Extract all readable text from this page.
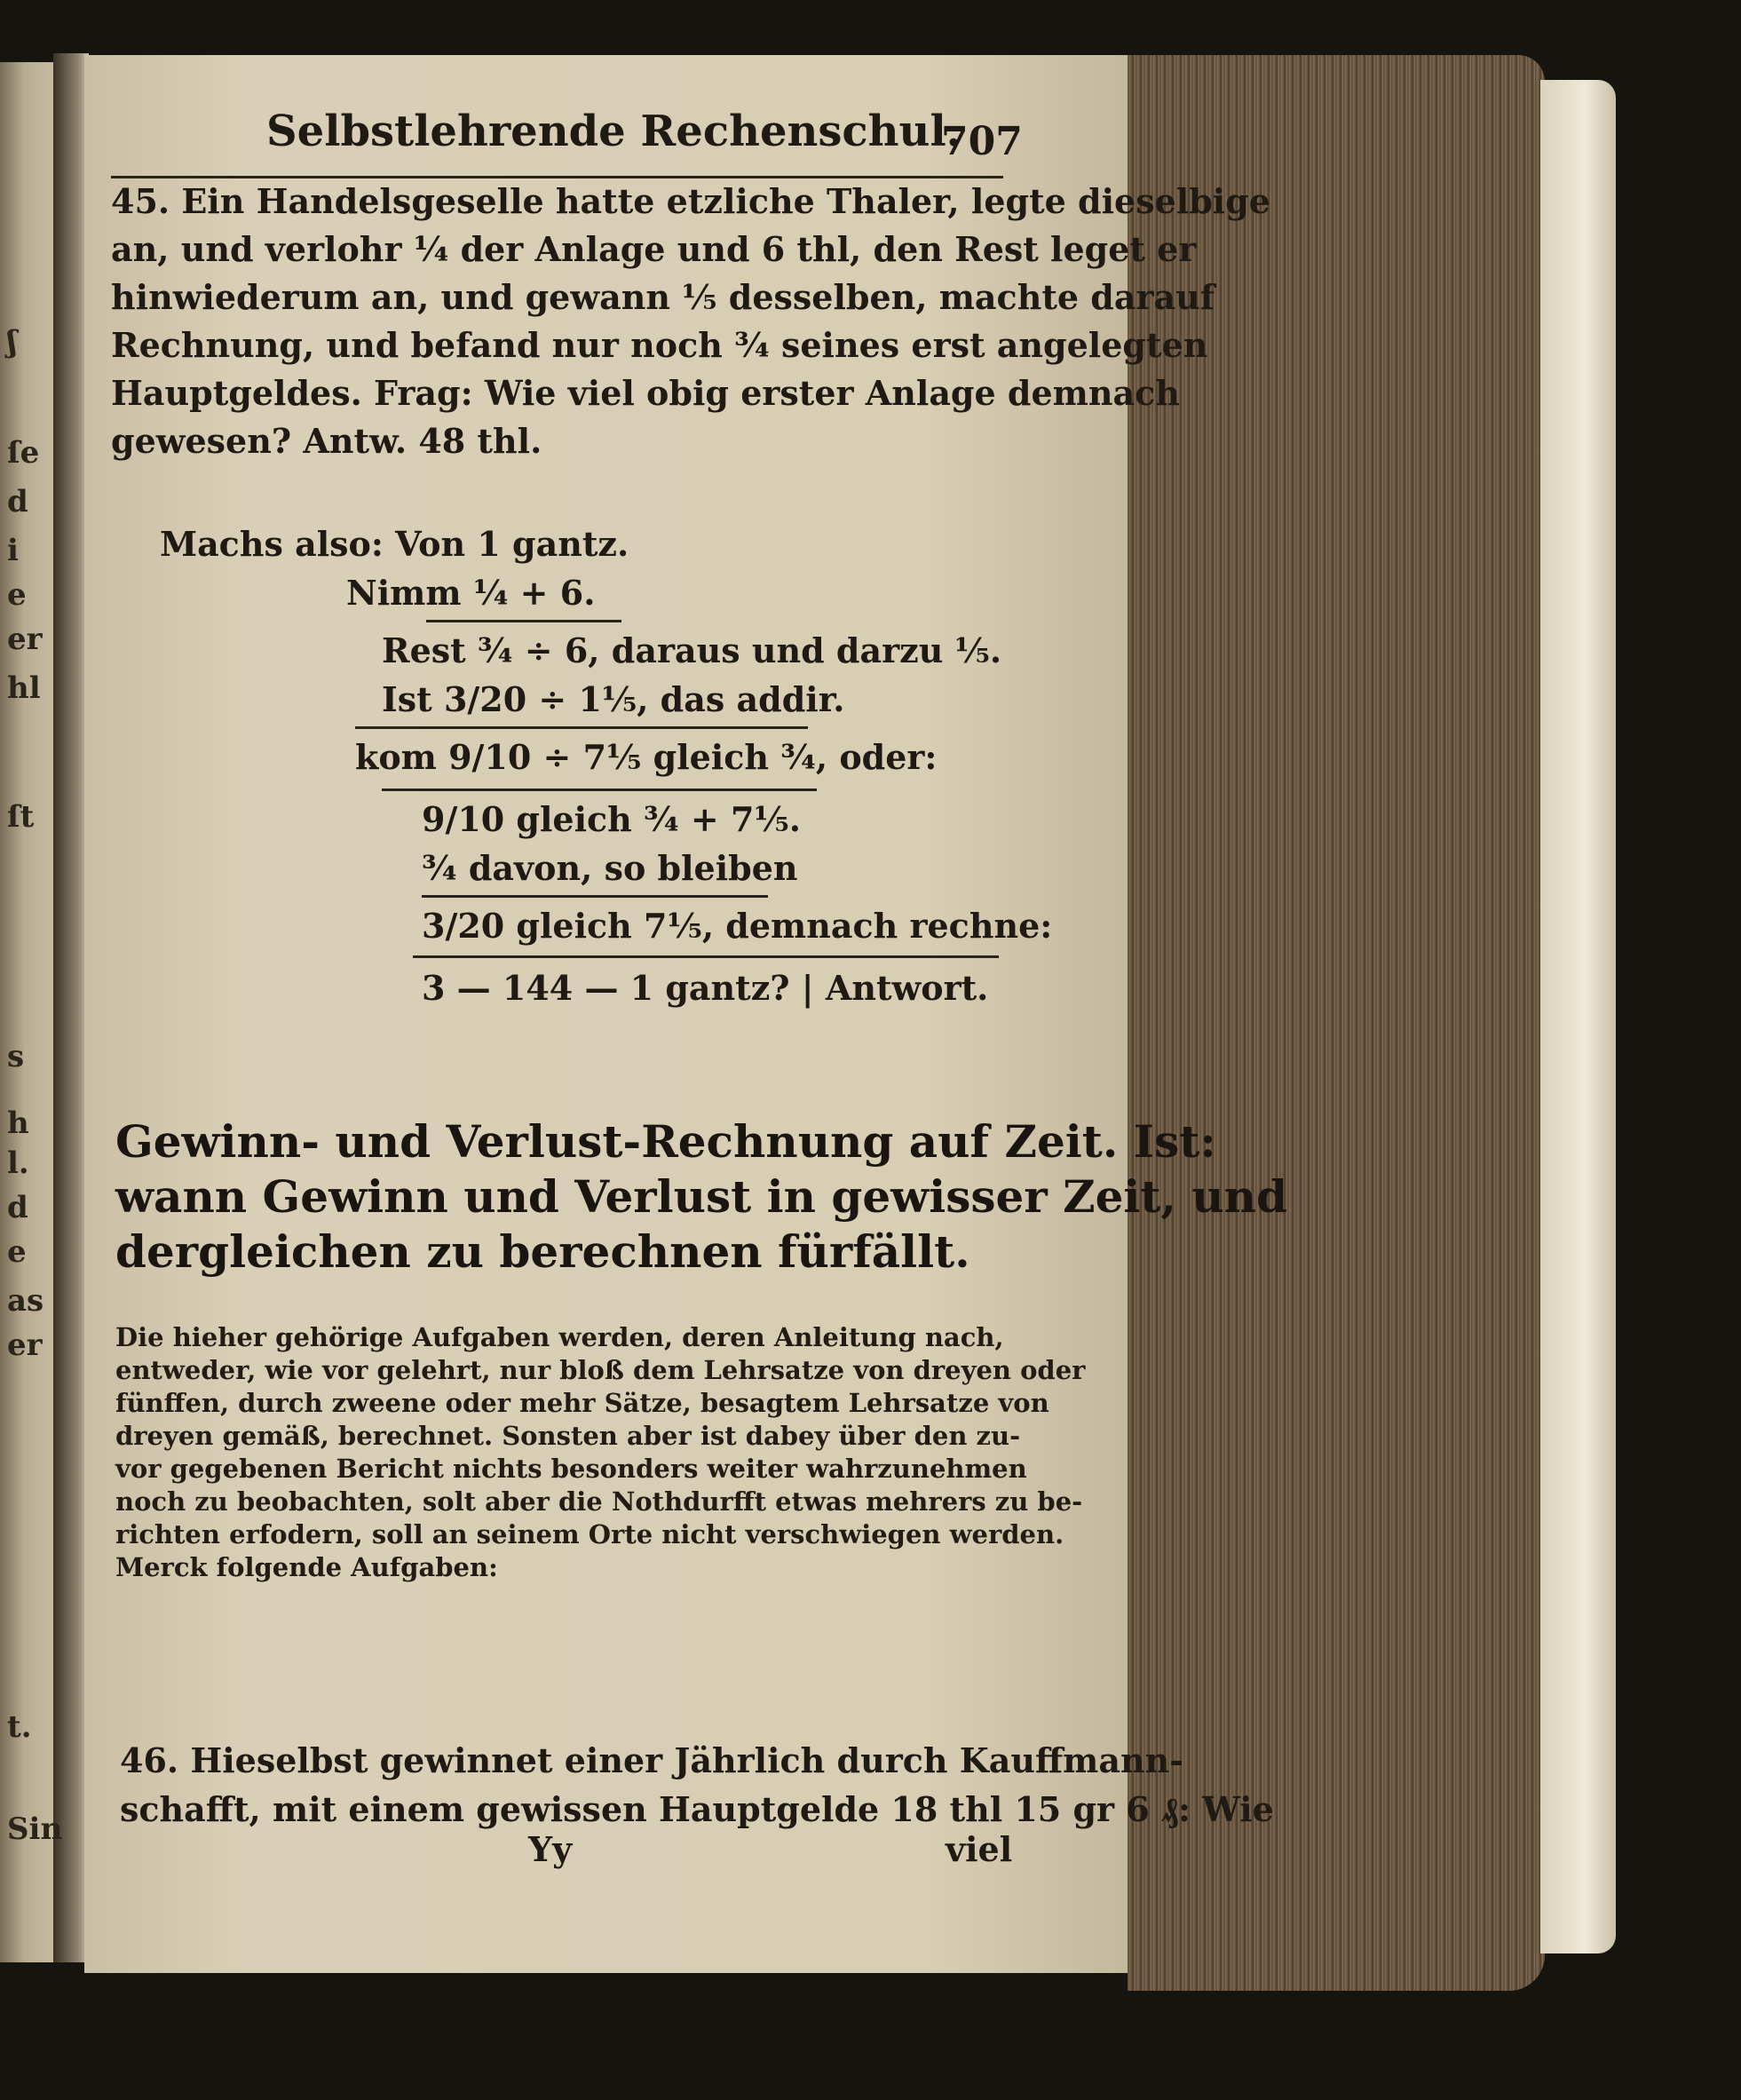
ʃ
ſe
d
i
e
er
hl
ſt
s
h
l.
d
e
as
er
t.
Sin
Selbstlehrende Rechenschul.
707
45. Ein Handelsgeselle hatte etzliche Thaler, legte dieselbige
an, und verlohr ¼ der Anlage und 6 thl, den Rest leget er
hinwiederum an, und gewann ⅕ desselben, machte darauf
Rechnung, und befand nur noch ¾ seines erst angelegten
Hauptgeldes. Frag: Wie viel obig erster Anlage demnach
gewesen? Antw. 48 thl.
Machs also: Von 1 gantz.
Nimm ¼ + 6.
Rest ¾ ÷ 6, daraus und darzu ⅕.
Ist 3/20 ÷ 1⅕, das addir.
kom 9/10 ÷ 7⅕ gleich ¾, oder:
9/10 gleich ¾ + 7⅕.
¾ davon, so bleiben
3/20 gleich 7⅕, demnach rechne:
3 — 144 — 1 gantz? | Antwort.
Gewinn- und Verlust-Rechnung auf Zeit. Ist:
wann Gewinn und Verlust in gewisser Zeit, und
dergleichen zu berechnen fürfällt.
Die hieher gehörige Aufgaben werden, deren Anleitung nach,
entweder, wie vor gelehrt, nur bloß dem Lehrsatze von dreyen oder
fünffen, durch zweene oder mehr Sätze, besagtem Lehrsatze von
dreyen gemäß, berechnet. Sonsten aber ist dabey über den zu-
vor gegebenen Bericht nichts besonders weiter wahrzunehmen
noch zu beobachten, solt aber die Nothdurfft etwas mehrers zu be-
richten erfodern, soll an seinem Orte nicht verschwiegen werden.
Merck folgende Aufgaben:
46. Hieselbst gewinnet einer Jährlich durch Kauffmann-
schafft, mit einem gewissen Hauptgelde 18 thl 15 gr 6 ₰: Wie
Yy	viel
